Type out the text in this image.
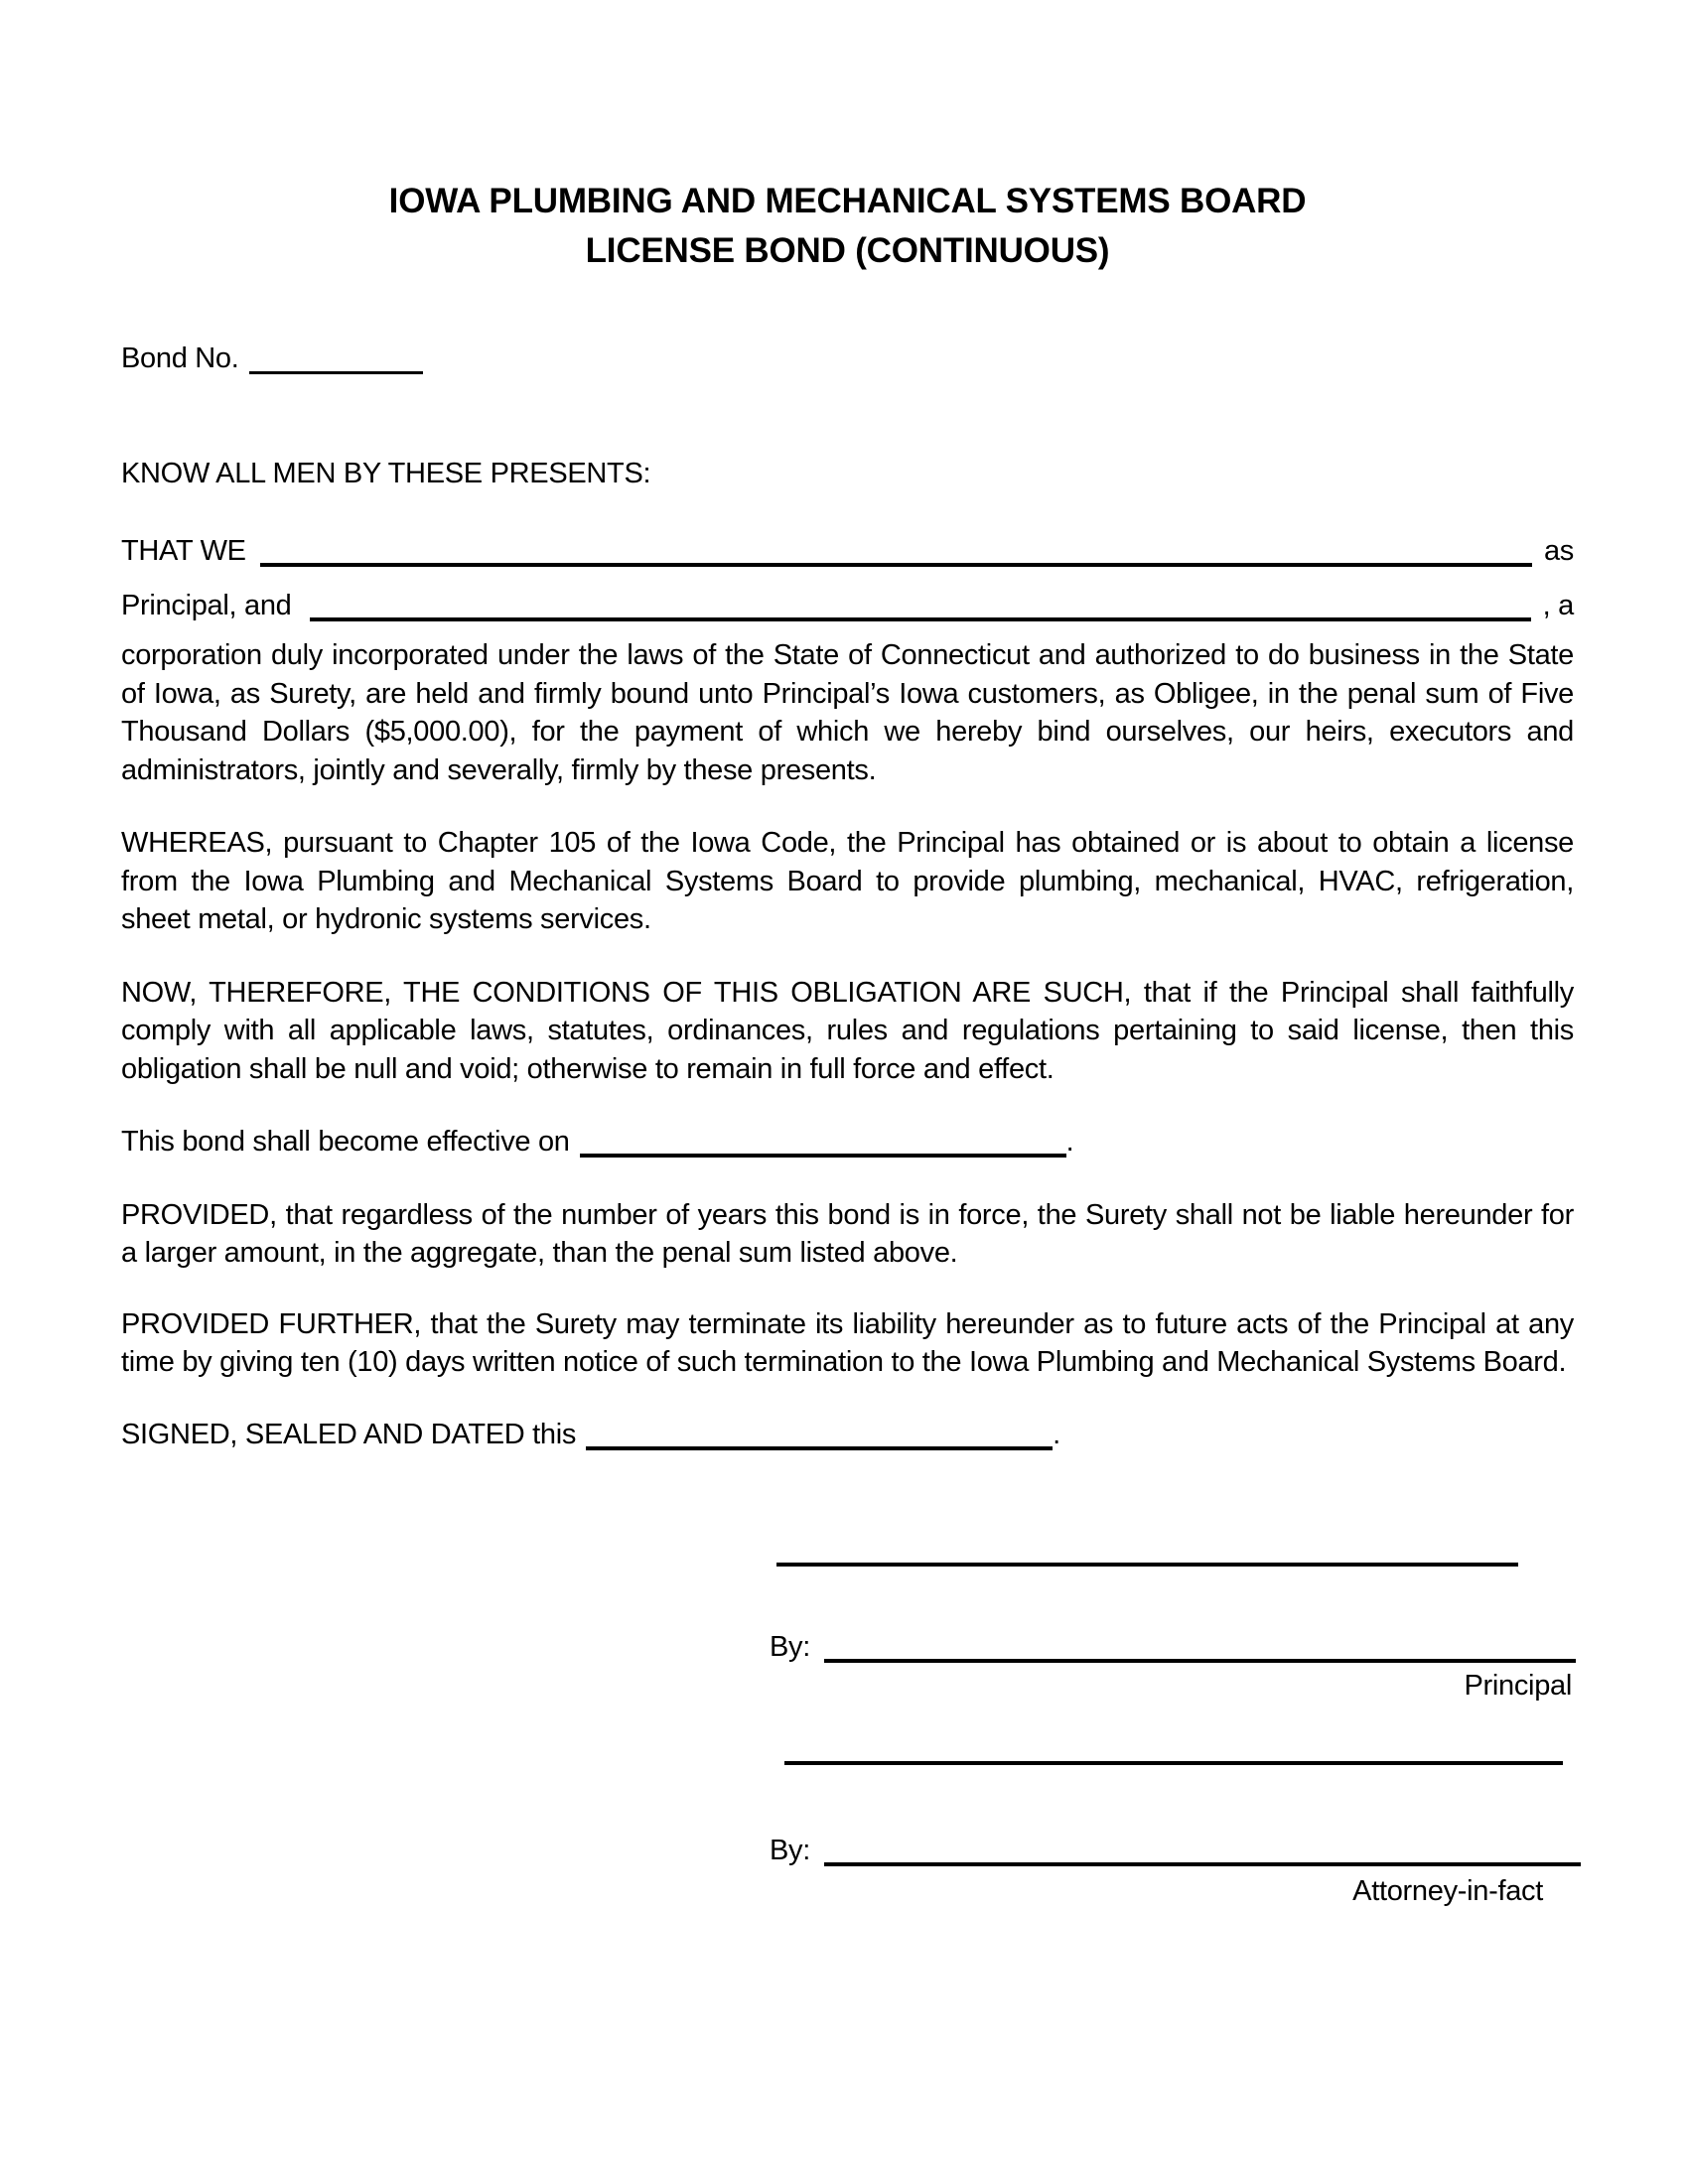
IOWA PLUMBING AND MECHANICAL SYSTEMS BOARD
LICENSE BOND (CONTINUOUS)
Bond No.
KNOW ALL MEN BY THESE PRESENTS:
THAT WE	as
Principal, and	, a

corporation duly incorporated under the laws of the State of Connecticut and authorized to do business in the State of Iowa, as Surety, are held and firmly bound unto Principal’s Iowa customers, as Obligee, in the penal sum of Five Thousand Dollars ($5,000.00), for the payment of which we hereby bind ourselves, our heirs, executors and administrators, jointly and severally, firmly by these presents.

WHEREAS, pursuant to Chapter 105 of the Iowa Code, the Principal has obtained or is about to obtain a license from the Iowa Plumbing and Mechanical Systems Board to provide plumbing, mechanical, HVAC, refrigeration, sheet metal, or hydronic systems services.

NOW, THEREFORE, THE CONDITIONS OF THIS OBLIGATION ARE SUCH, that if the Principal shall faithfully comply with all applicable laws, statutes, ordinances, rules and regulations pertaining to said license, then this obligation shall be null and void; otherwise to remain in full force and effect.

This bond shall become effective on	.

PROVIDED, that regardless of the number of years this bond is in force, the Surety shall not be liable hereunder for a larger amount, in the aggregate, than the penal sum listed above.

PROVIDED FURTHER, that the Surety may terminate its liability hereunder as to future acts of the Principal at any time by giving ten (10) days written notice of such termination to the Iowa Plumbing and Mechanical Systems Board.

SIGNED, SEALED AND DATED this	.
By:
Principal
By:
Attorney-in-fact
